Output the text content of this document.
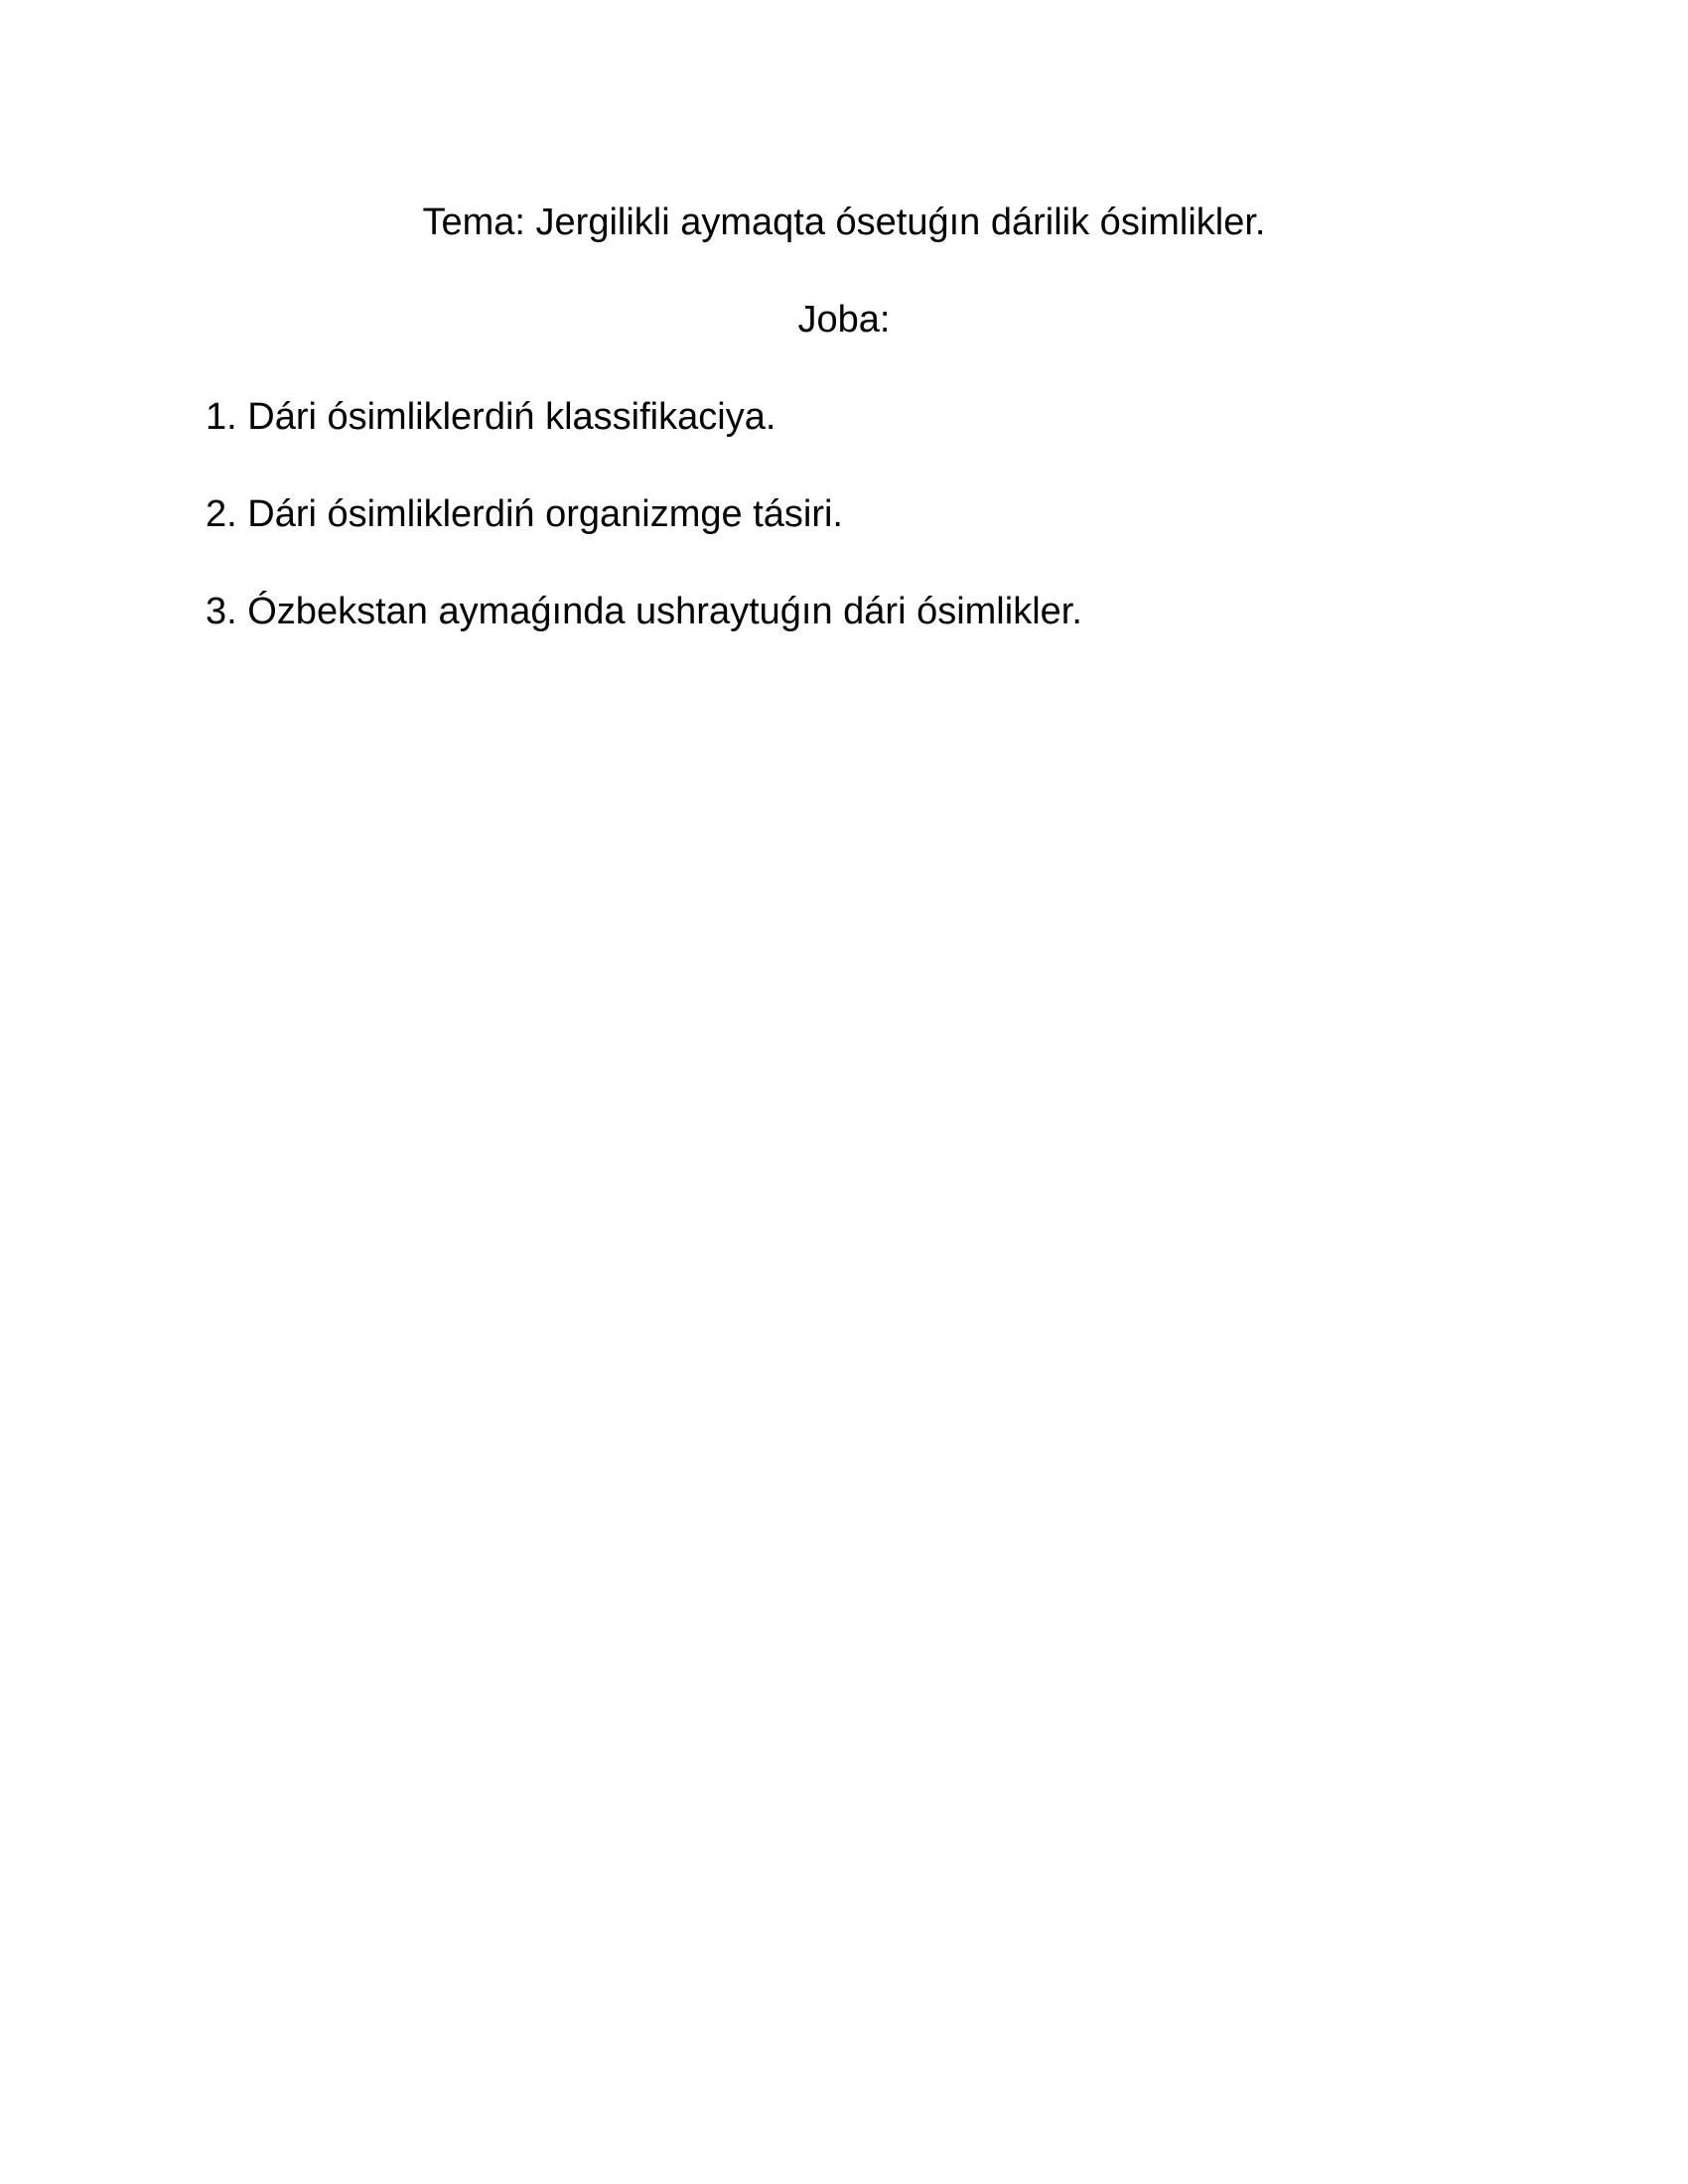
Tema: Jergilikli aymaqta ósetuǵın dárilik ósimlikler.
Joba:
1. Dári ósimliklerdiń klassifikaciya.
2. Dári ósimliklerdiń organizmge tásiri.
3. Ózbekstan aymaǵında ushraytuǵın dári ósimlikler.
